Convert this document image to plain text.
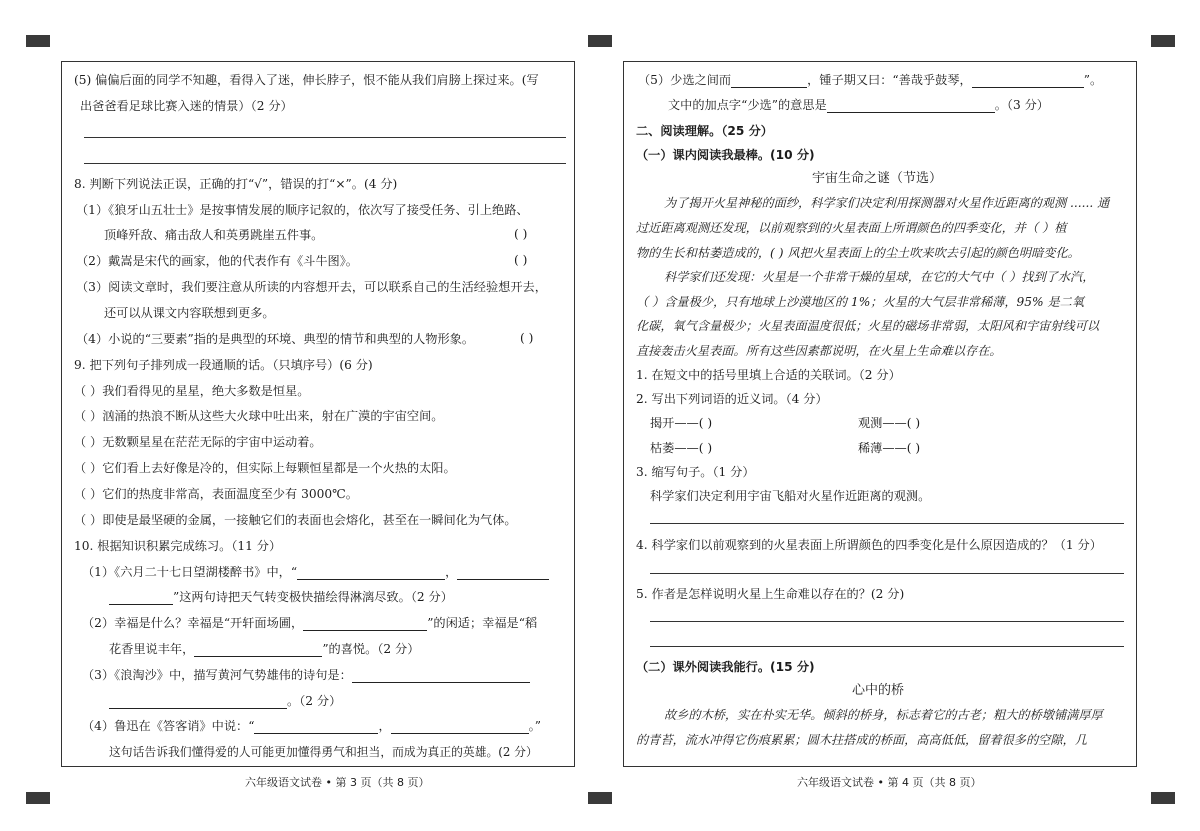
(5) 偏偏后面的同学不知趣，看得入了迷，伸长脖子，恨不能从我们肩膀上探过来。(写
出爸爸看足球比赛入迷的情景）（2 分）
8. 判断下列说法正误，正确的打“√”，错误的打“×”。(4 分)
（1）《狼牙山五壮士》是按事情发展的顺序记叙的，依次写了接受任务、引上绝路、
顶峰歼敌、痛击敌人和英勇跳崖五件事。	( )
（2）戴嵩是宋代的画家，他的代表作有《斗牛图》。	( )
（3）阅读文章时，我们要注意从所读的内容想开去，可以联系自己的生活经验想开去，
还可以从课文内容联想到更多。
（4）小说的“三要素”指的是典型的环境、典型的情节和典型的人物形象。	( )
9. 把下列句子排列成一段通顺的话。（只填序号）(6 分)
（ ）我们看得见的星星，绝大多数是恒星。
（ ）汹涌的热浪不断从这些大火球中吐出来，射在广漠的宇宙空间。
（ ）无数颗星星在茫茫无际的宇宙中运动着。
（ ）它们看上去好像是冷的，但实际上每颗恒星都是一个火热的太阳。
（ ）它们的热度非常高，表面温度至少有 3000℃。
（ ）即使是最坚硬的金属，一接触它们的表面也会熔化，甚至在一瞬间化为气体。
10. 根据知识积累完成练习。（11 分）
（1）《六月二十七日望湖楼醉书》中，“	，
”这两句诗把天气转变极快描绘得淋漓尽致。（2 分）
（2）幸福是什么？幸福是“开轩面场圃，	”的闲适；幸福是“稻
花香里说丰年，	”的喜悦。（2 分）
（3）《浪淘沙》中，描写黄河气势雄伟的诗句是：
。（2 分）
（4）鲁迅在《答客诮》中说：“	，	。”
这句话告诉我们懂得爱的人可能更加懂得勇气和担当，而成为真正的英雄。(2 分）
六年级语文试卷 • 第 3 页（共 8 页）
（5）少选之间而	，锺子期又曰：“善哉乎鼓琴，	”。
文中的加点字“少选”的意思是	。（3 分）
二、阅读理解。（25 分）
（一）课内阅读我最棒。(10 分)
宇宙生命之谜（节选）
为了揭开火星神秘的面纱，科学家们决定利用探测器对火星作近距离的观测 ...... 通
过近距离观测还发现，以前观察到的火星表面上所谓颜色的四季变化，并（ ）植
物的生长和枯萎造成的，( ) 风把火星表面上的尘土吹来吹去引起的颜色明暗变化。
科学家们还发现：火星是一个非常干燥的星球，在它的大气中（ ）找到了水汽，
（ ）含量极少，只有地球上沙漠地区的 1%；火星的大气层非常稀薄，95% 是二氧
化碳，氧气含量极少；火星表面温度很低；火星的磁场非常弱，太阳风和宇宙射线可以
直接轰击火星表面。所有这些因素都说明，在火星上生命难以存在。
1. 在短文中的括号里填上合适的关联词。（2 分）
2. 写出下列词语的近义词。（4 分）
揭开——( )	观测——( )
枯萎——( )	稀薄——( )
3. 缩写句子。（1 分）
科学家们决定利用宇宙飞船对火星作近距离的观测。
4. 科学家们以前观察到的火星表面上所谓颜色的四季变化是什么原因造成的？（1 分）
5. 作者是怎样说明火星上生命难以存在的？(2 分)
（二）课外阅读我能行。(15 分)
心中的桥
故乡的木桥，实在朴实无华。倾斜的桥身，标志着它的古老；粗大的桥墩铺满厚厚
的青苔，流水冲得它伤痕累累；圆木拄搭成的桥面，高高低低，留着很多的空隙，几
六年级语文试卷 • 第 4 页（共 8 页）
